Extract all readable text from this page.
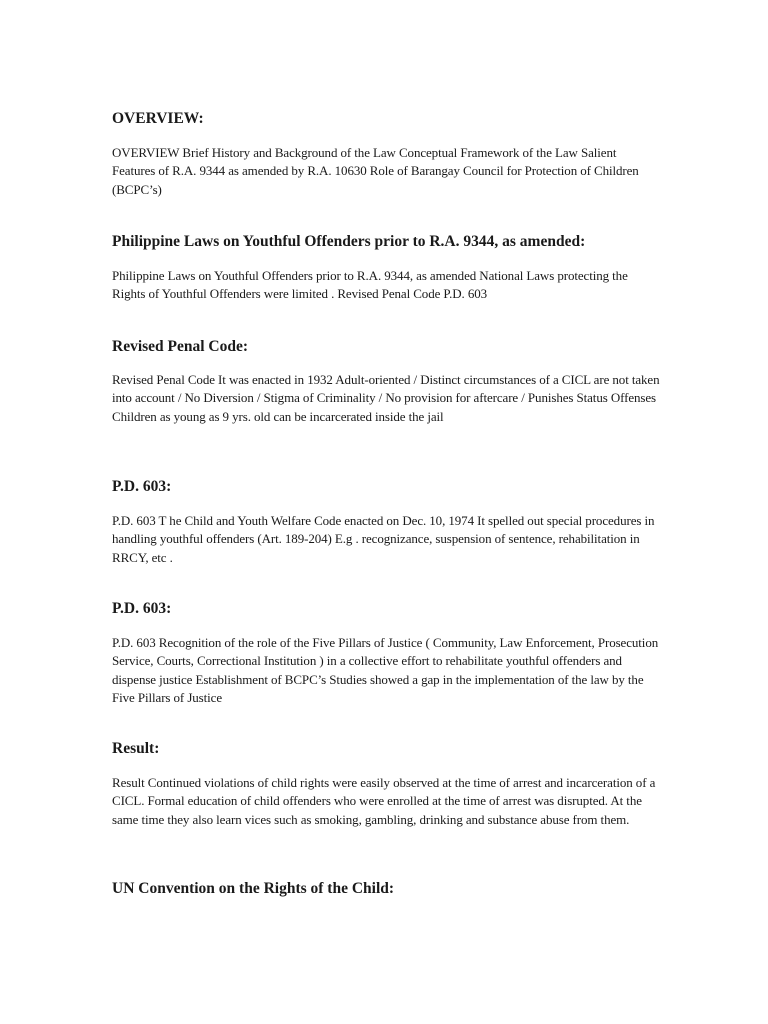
OVERVIEW:

OVERVIEW Brief History and Background of the Law Conceptual Framework of the Law Salient Features of R.A. 9344 as amended by R.A. 10630 Role of Barangay Council for Protection of Children (BCPC’s)

Philippine Laws on Youthful Offenders prior to R.A. 9344, as amended:

Philippine Laws on Youthful Offenders prior to R.A. 9344, as amended National Laws protecting the Rights of Youthful Offenders were limited . Revised Penal Code P.D. 603

Revised Penal Code:

Revised Penal Code It was enacted in 1932 Adult-oriented / Distinct circumstances of a CICL are not taken into account / No Diversion / Stigma of Criminality / No provision for aftercare / Punishes Status Offenses Children as young as 9 yrs. old can be incarcerated inside the jail

P.D. 603:

P.D. 603 T he Child and Youth Welfare Code enacted on Dec. 10, 1974 It spelled out special procedures in handling youthful offenders (Art. 189-204) E.g . recognizance, suspension of sentence, rehabilitation in RRCY, etc .

P.D. 603:

P.D. 603 Recognition of the role of the Five Pillars of Justice ( Community, Law Enforcement, Prosecution Service, Courts, Correctional Institution ) in a collective effort to rehabilitate youthful offenders and dispense justice Establishment of BCPC’s Studies showed a gap in the implementation of the law by the Five Pillars of Justice

Result:

Result Continued violations of child rights were easily observed at the time of arrest and incarceration of a CICL. Formal education of child offenders who were enrolled at the time of arrest was disrupted. At the same time they also learn vices such as smoking, gambling, drinking and substance abuse from them.

UN Convention on the Rights of the Child:
